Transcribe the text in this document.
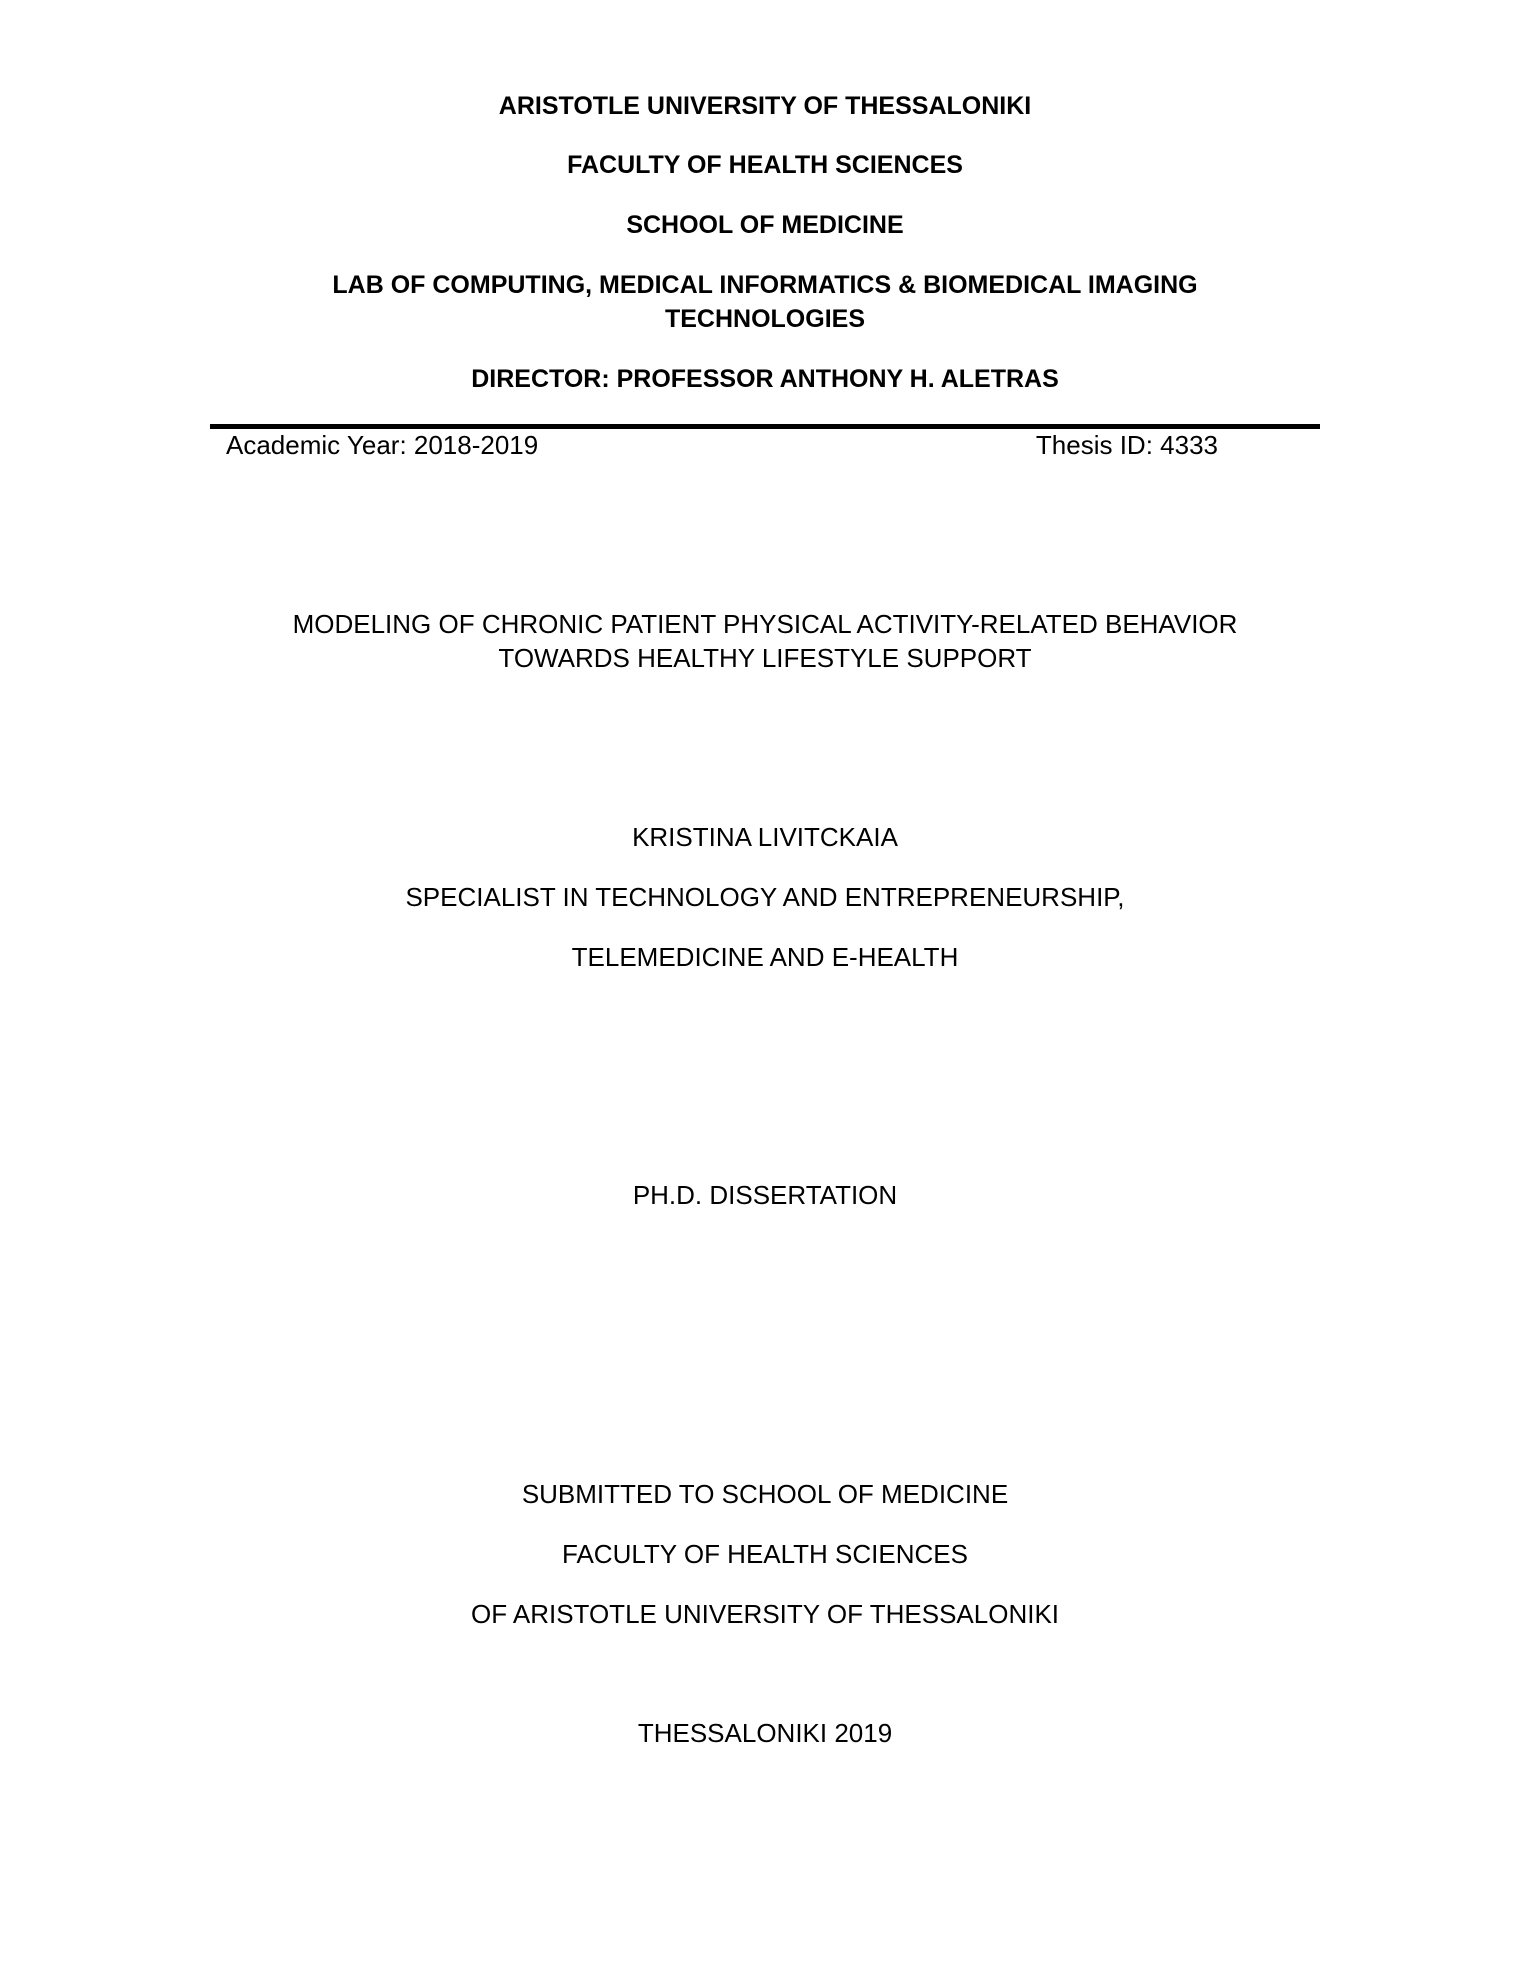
ARISTOTLE UNIVERSITY OF THESSALONIKI

FACULTY OF HEALTH SCIENCES

SCHOOL OF MEDICINE

LAB OF COMPUTING, MEDICAL INFORMATICS & BIOMEDICAL IMAGING

TECHNOLOGIES

DIRECTOR: PROFESSOR ANTHONY H. ALETRAS

Academic Year: 2018-2019	Thesis ID: 4333

MODELING OF CHRONIC PATIENT PHYSICAL ACTIVITY-RELATED BEHAVIOR

TOWARDS HEALTHY LIFESTYLE SUPPORT

KRISTINA LIVITCKAIA

SPECIALIST IN TECHNOLOGY AND ENTREPRENEURSHIP,

TELEMEDICINE AND E-HEALTH

PH.D. DISSERTATION

SUBMITTED TO SCHOOL OF MEDICINE

FACULTY OF HEALTH SCIENCES

OF ARISTOTLE UNIVERSITY OF THESSALONIKI

THESSALONIKI 2019
